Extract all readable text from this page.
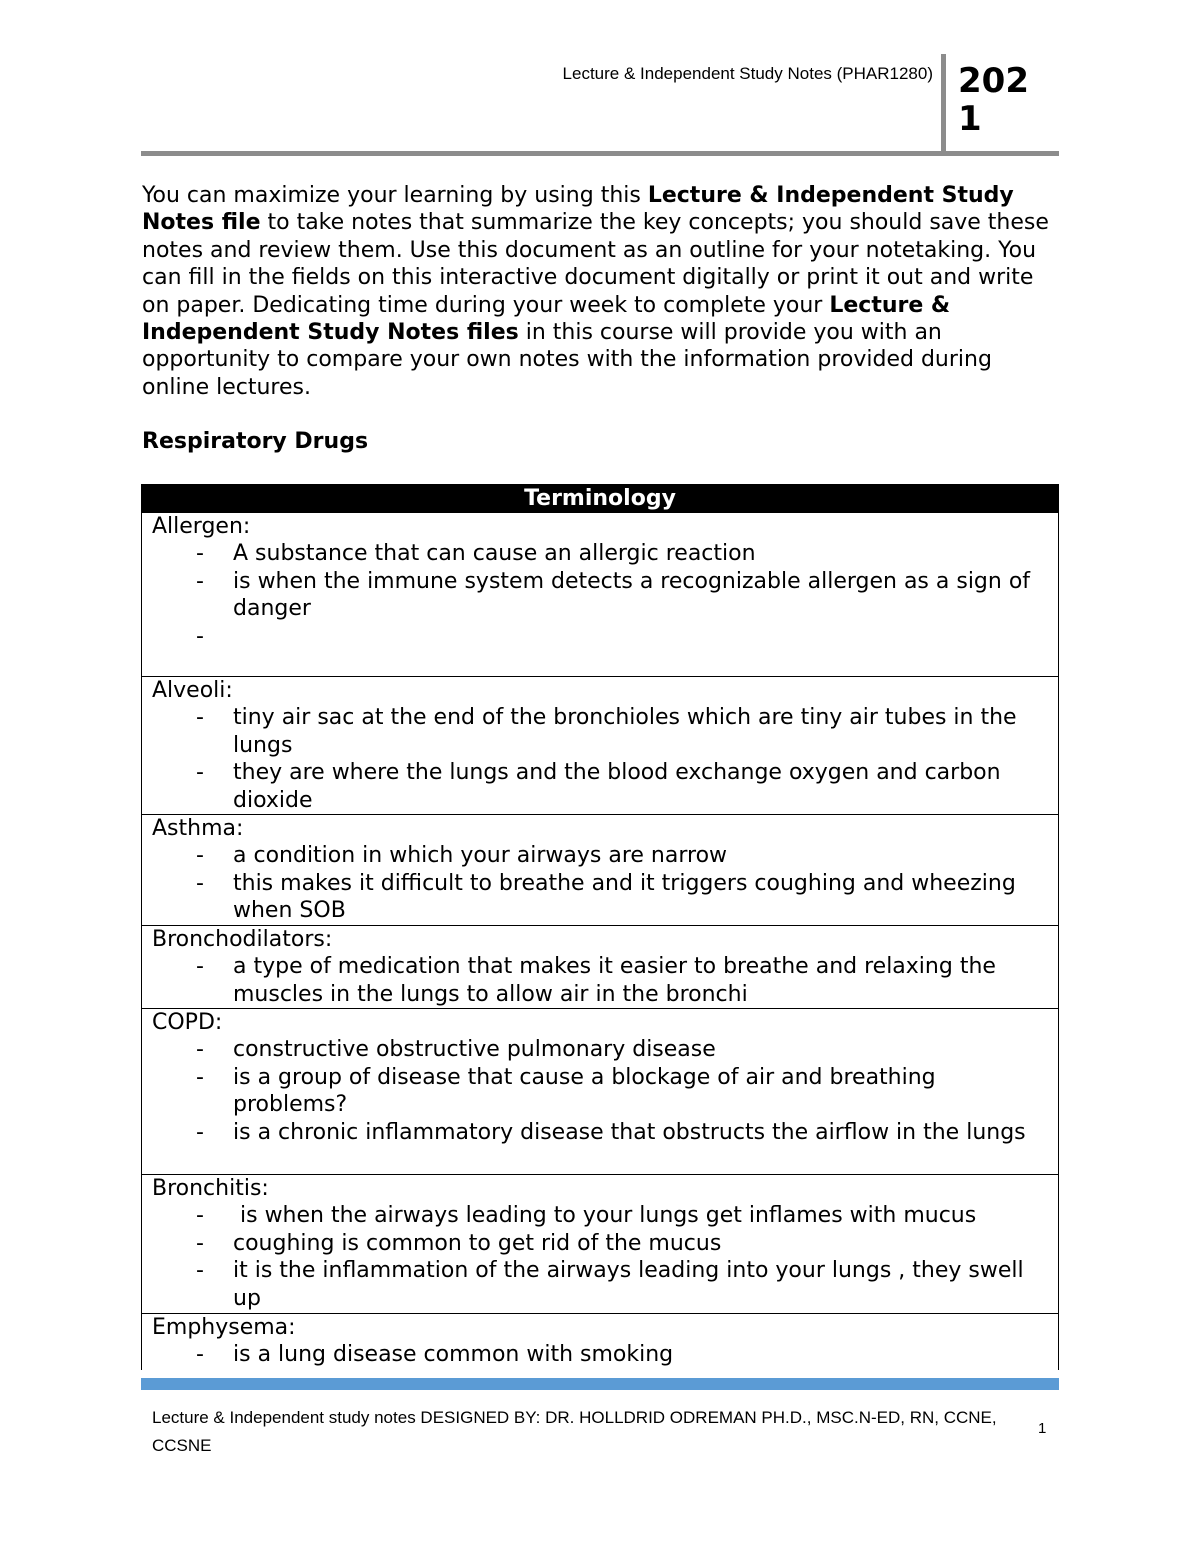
Lecture & Independent Study Notes (PHAR1280) 2021
You can maximize your learning by using this Lecture & Independent Study Notes file to take notes that summarize the key concepts; you should save these notes and review them. Use this document as an outline for your notetaking. You can fill in the fields on this interactive document digitally or print it out and write on paper. Dedicating time during your week to complete your Lecture & Independent Study Notes files in this course will provide you with an opportunity to compare your own notes with the information provided during online lectures.
Respiratory Drugs
Terminology
Allergen:
- A substance that can cause an allergic reaction
- is when the immune system detects a recognizable allergen as a sign of danger
-
Alveoli:
- tiny air sac at the end of the bronchioles which are tiny air tubes in the lungs
- they are where the lungs and the blood exchange oxygen and carbon dioxide
Asthma:
- a condition in which your airways are narrow
- this makes it difficult to breathe and it triggers coughing and wheezing when SOB
Bronchodilators:
- a type of medication that makes it easier to breathe and relaxing the muscles in the lungs to allow air in the bronchi
COPD:
- constructive obstructive pulmonary disease
- is a group of disease that cause a blockage of air and breathing problems?
- is a chronic inflammatory disease that obstructs the airflow in the lungs
Bronchitis:
-  is when the airways leading to your lungs get inflames with mucus
- coughing is common to get rid of the mucus
- it is the inflammation of the airways leading into your lungs , they swell up
Emphysema:
- is a lung disease common with smoking
Lecture & Independent study notes DESIGNED BY: DR. HOLLDRID ODREMAN PH.D., MSC.N-ED, RN, CCNE, CCSNE
1
